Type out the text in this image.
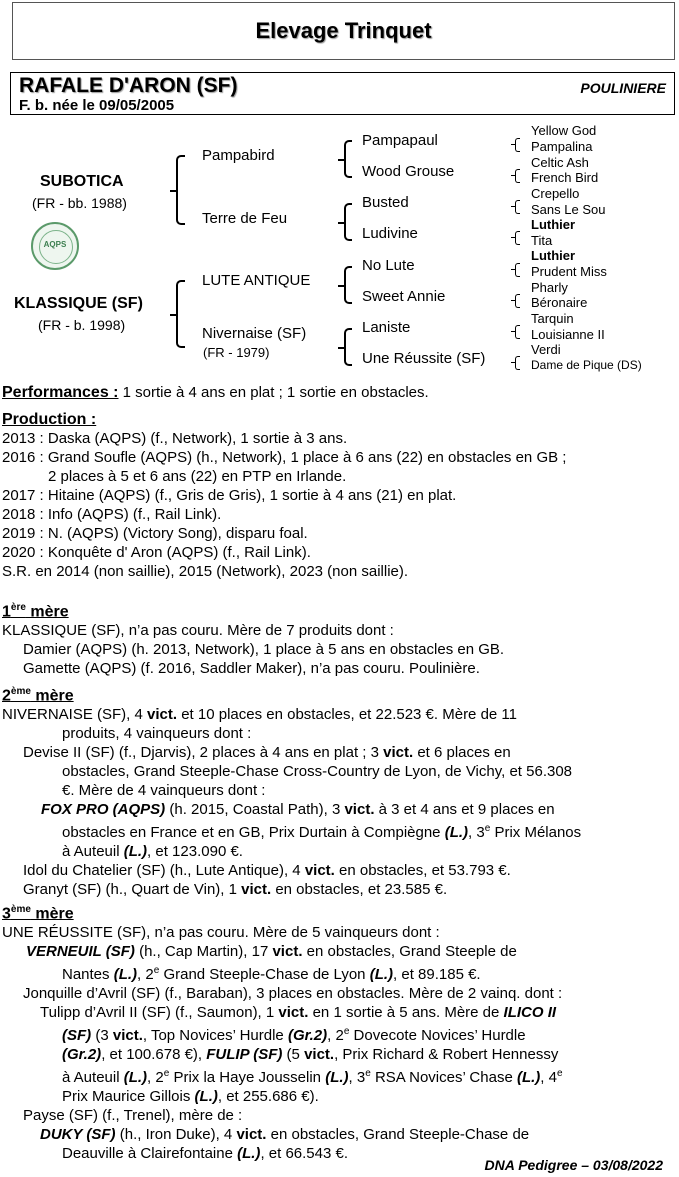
Elevage Trinquet
RAFALE D'ARON (SF)
F. b. née le 09/05/2005
POULINIERE
SUBOTICA
(FR - bb. 1988)
AQPS
KLASSIQUE (SF)
(FR - b. 1998)
Pampabird
Terre de Feu
LUTE ANTIQUE
Nivernaise (SF)
(FR - 1979)
Pampapaul
Wood Grouse
Busted
Ludivine
No Lute
Sweet Annie
Laniste
Une Réussite (SF)
Yellow God
Pampalina
Celtic Ash
French Bird
Crepello
Sans Le Sou
Luthier
Tita
Luthier
Prudent Miss
Pharly
Béronaire
Tarquin
Louisianne II
Verdi
Dame de Pique (DS)
Performances : 1 sortie à 4 ans en plat ; 1 sortie en obstacles.
Production :
2013 : Daska (AQPS) (f., Network), 1 sortie à 3 ans.
2016 : Grand Soufle (AQPS) (h., Network), 1 place à 6 ans (22) en obstacles en GB ;
2 places à 5 et 6 ans (22) en PTP en Irlande.
2017 : Hitaine (AQPS) (f., Gris de Gris), 1 sortie à 4 ans (21) en plat.
2018 : Info (AQPS) (f., Rail Link).
2019 : N. (AQPS) (Victory Song), disparu foal.
2020 : Konquête d' Aron (AQPS) (f., Rail Link).
S.R. en 2014 (non saillie), 2015 (Network), 2023 (non saillie).
1ère mère
KLASSIQUE (SF), n’a pas couru. Mère de 7 produits dont :
Damier (AQPS) (h. 2013, Network), 1 place à 5 ans en obstacles en GB.
Gamette (AQPS) (f. 2016, Saddler Maker), n’a pas couru. Poulinière.
2ème mère
NIVERNAISE (SF), 4 vict. et 10 places en obstacles, et 22.523 €. Mère de 11
produits, 4 vainqueurs dont :
Devise II (SF) (f., Djarvis), 2 places à 4 ans en plat ; 3 vict. et 6 places en
obstacles, Grand Steeple-Chase Cross-Country de Lyon, de Vichy, et 56.308
€. Mère de 4 vainqueurs dont :
FOX PRO (AQPS) (h. 2015, Coastal Path), 3 vict. à 3 et 4 ans et 9 places en
obstacles en France et en GB, Prix Durtain à Compiègne (L.), 3e Prix Mélanos
à Auteuil (L.), et 123.090 €.
Idol du Chatelier (SF) (h., Lute Antique), 4 vict. en obstacles, et 53.793 €.
Granyt (SF) (h., Quart de Vin), 1 vict. en obstacles, et 23.585 €.
3ème mère
UNE RÉUSSITE (SF), n’a pas couru. Mère de 5 vainqueurs dont :
VERNEUIL (SF) (h., Cap Martin), 17 vict. en obstacles, Grand Steeple de
Nantes (L.), 2e Grand Steeple-Chase de Lyon (L.), et 89.185 €.
Jonquille d’Avril (SF) (f., Baraban), 3 places en obstacles. Mère de 2 vainq. dont :
Tulipp d’Avril II (SF) (f., Saumon), 1 vict. en 1 sortie à 5 ans. Mère de ILICO II
(SF) (3 vict., Top Novices’ Hurdle (Gr.2), 2e Dovecote Novices’ Hurdle
(Gr.2), et 100.678 €), FULIP (SF) (5 vict., Prix Richard & Robert Hennessy
à Auteuil (L.), 2e Prix la Haye Jousselin (L.), 3e RSA Novices’ Chase (L.), 4e
Prix Maurice Gillois (L.), et 255.686 €).
Payse (SF) (f., Trenel), mère de :
DUKY (SF) (h., Iron Duke), 4 vict. en obstacles, Grand Steeple-Chase de
Deauville à Clairefontaine (L.), et 66.543 €.
DNA Pedigree – 03/08/2022
